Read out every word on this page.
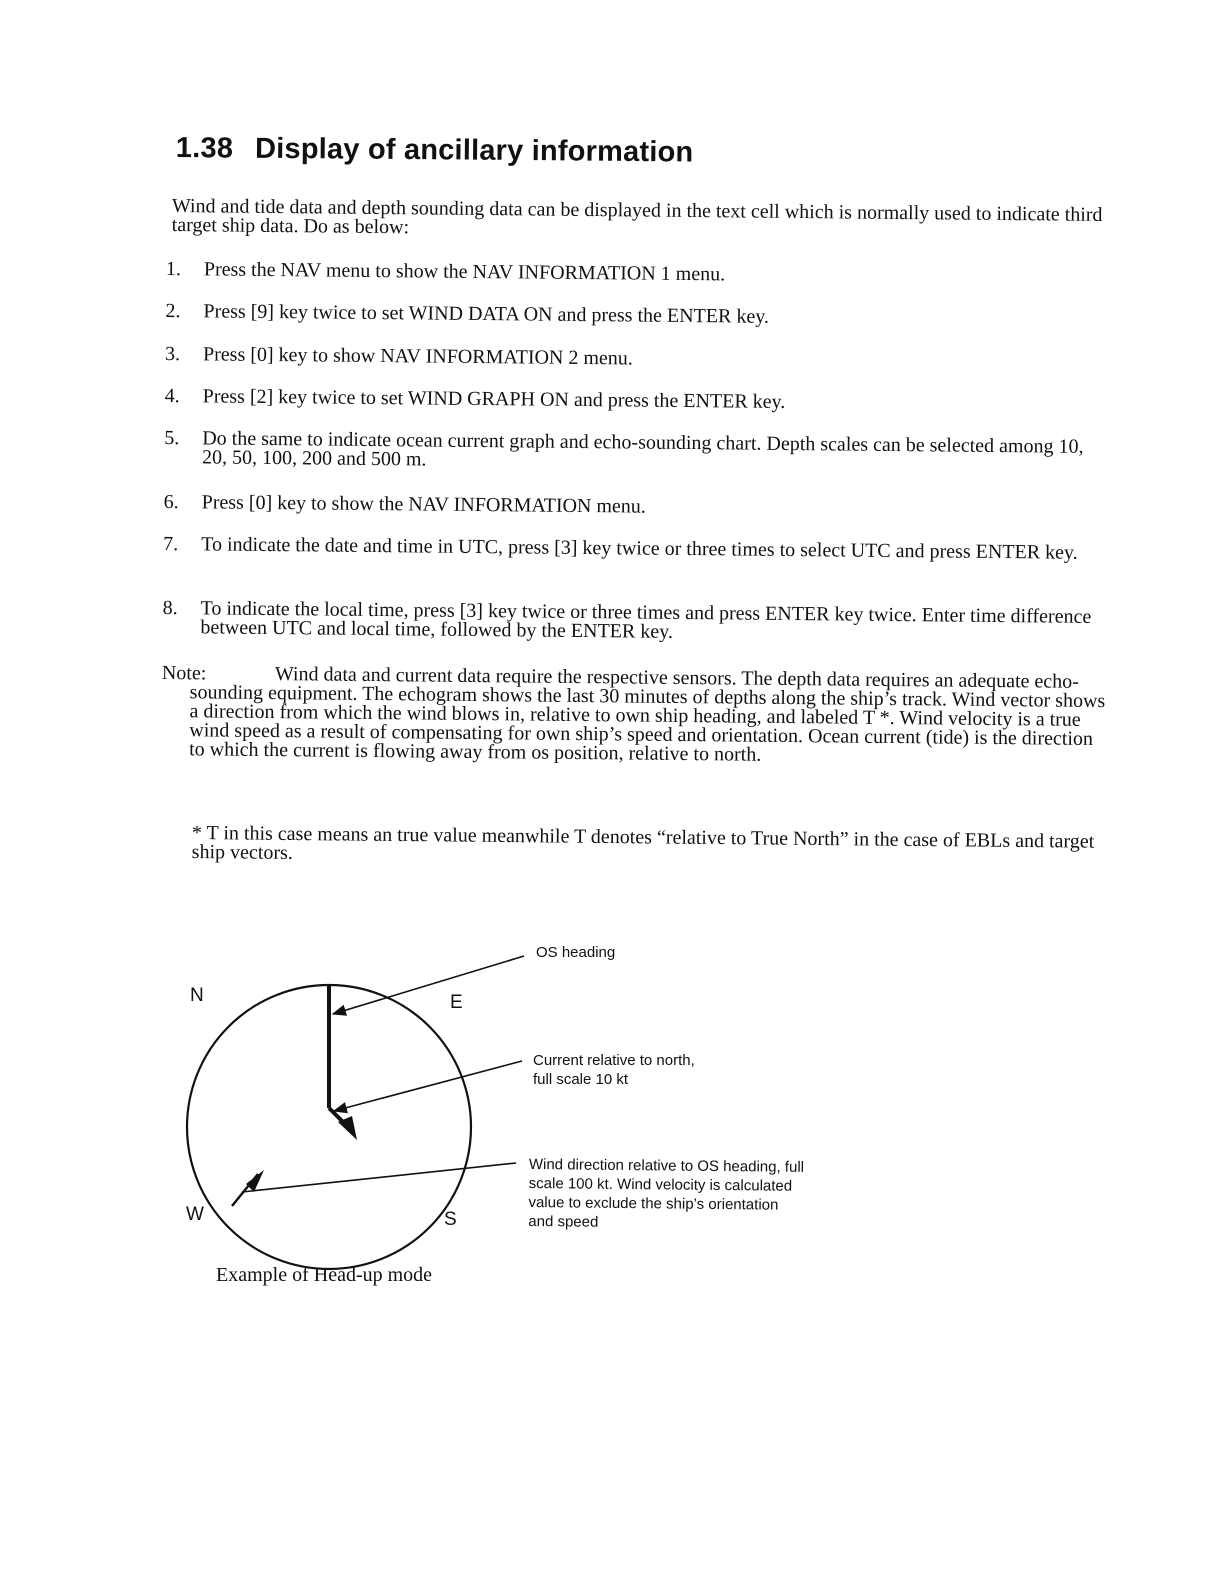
1.38 Display of ancillary information
Wind and tide data and depth sounding data can be displayed in the text cell which is normally used to indicate third target ship data. Do as below:
1.	Press the NAV menu to show the NAV INFORMATION 1 menu.
2.	Press [9] key twice to set WIND DATA ON and press the ENTER key.
3.	Press [0] key to show NAV INFORMATION 2 menu.
4.	Press [2] key twice to set WIND GRAPH ON and press the ENTER key.
5.	Do the same to indicate ocean current graph and echo-sounding chart. Depth scales can be selected among 10, 20, 50, 100, 200 and 500 m.
6.	Press [0] key to show the NAV INFORMATION menu.
7.	To indicate the date and time in UTC, press [3] key twice or three times to select UTC and press ENTER key.
8.	To indicate the local time, press [3] key twice or three times and press ENTER key twice. Enter time difference between UTC and local time, followed by the ENTER key.
Note:	Wind data and current data require the respective sensors. The depth data requires an adequate echo-sounding equipment. The echogram shows the last 30 minutes of depths along the ship’s track. Wind vector shows a direction from which the wind blows in, relative to own ship heading, and labeled T *. Wind velocity is a true wind speed as a result of compensating for own ship’s speed and orientation. Ocean current (tide) is the direction to which the current is flowing away from os position, relative to north.
* T in this case means an true value meanwhile T denotes “relative to True North” in the case of EBLs and target ship vectors.
N	E
W	S
OS heading
Current relative to north,
full scale 10 kt
Wind direction relative to OS heading, full
scale 100 kt. Wind velocity is calculated
value to exclude the ship’s orientation
and speed
Example of Head-up mode
